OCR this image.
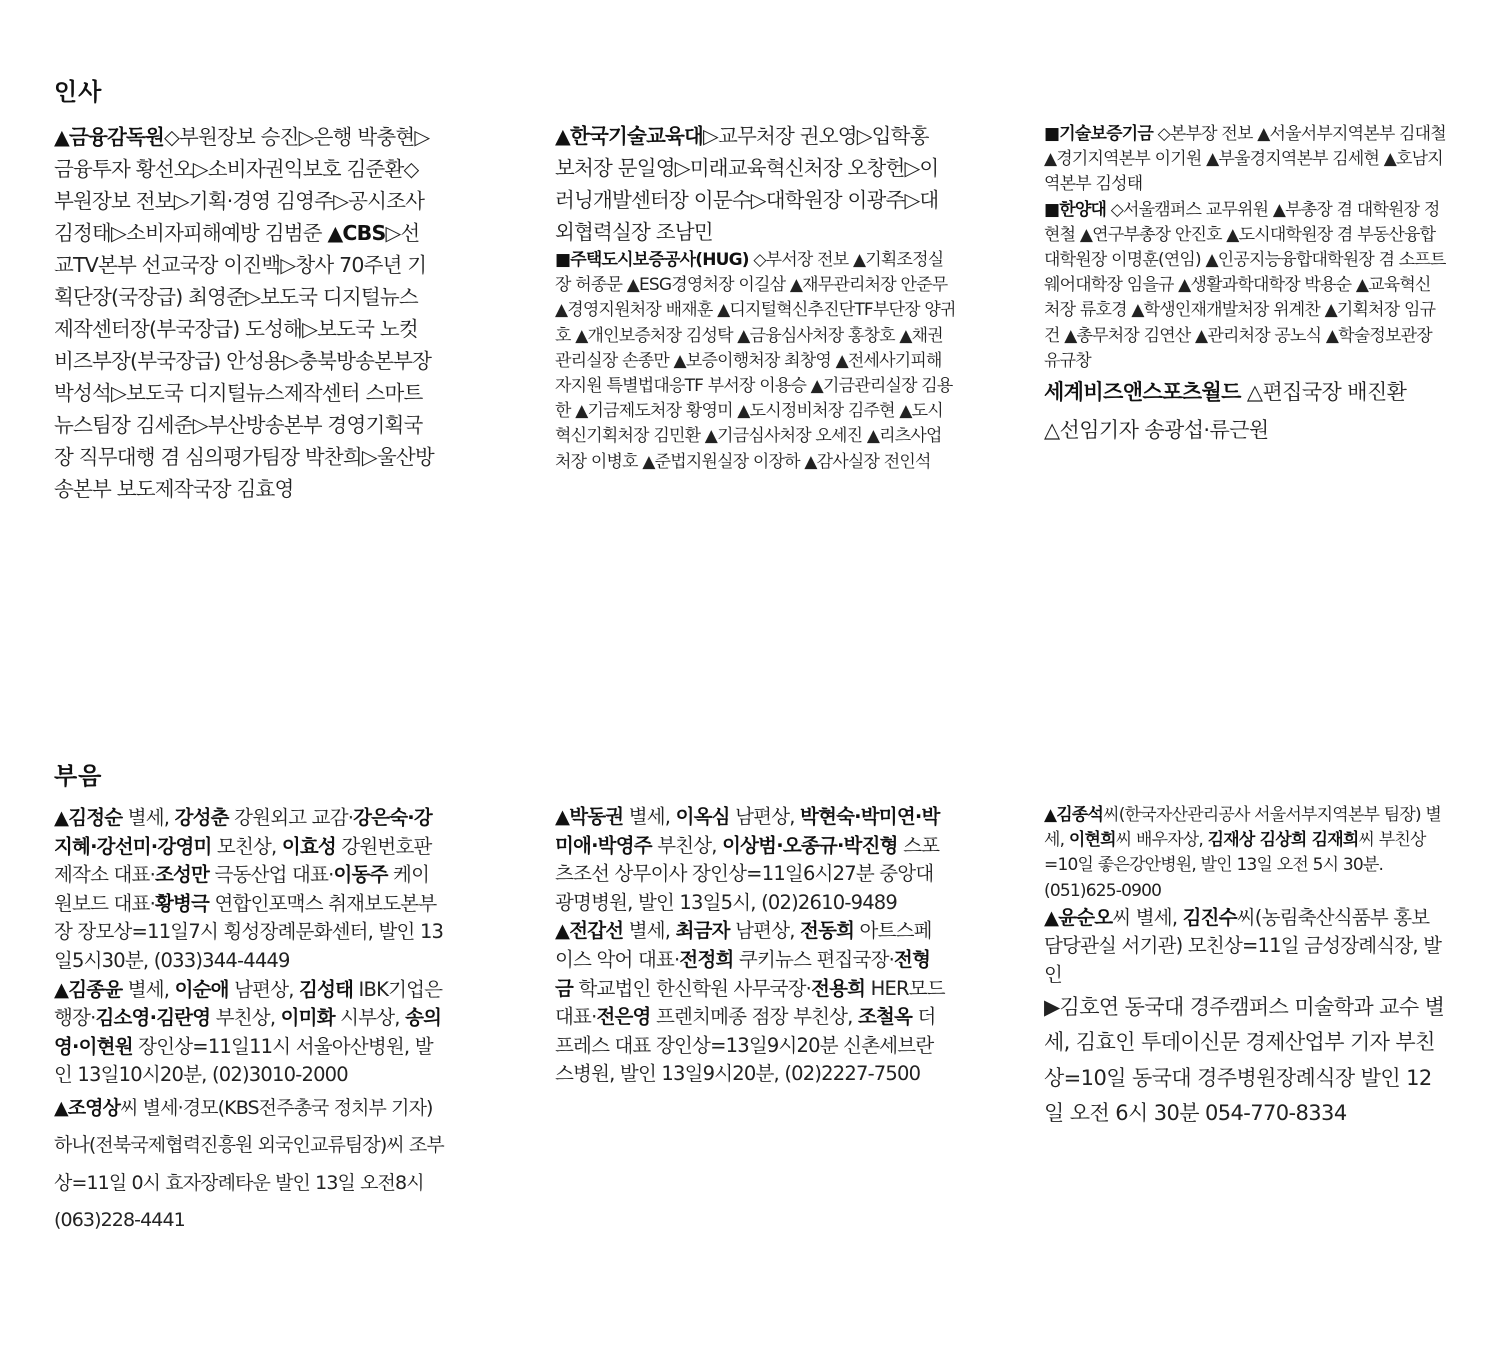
인사
부음

▲금융감독원◇부원장보 승진▷은행 박충현▷금융투자 황선오▷소비자권익보호 김준환◇부원장보 전보▷기획·경영 김영주▷공시조사 김정태▷소비자피해예방 김범준 ▲CBS▷선교TV본부 선교국장 이진백▷창사 70주년 기획단장(국장급) 최영준▷보도국 디지털뉴스제작센터장(부국장급) 도성해▷보도국 노컷비즈부장(부국장급) 안성용▷충북방송본부장 박성석▷보도국 디지털뉴스제작센터 스마트뉴스팀장 김세준▷부산방송본부 경영기획국장 직무대행 겸 심의평가팀장 박찬희▷울산방송본부 보도제작국장 김효영

▲한국기술교육대▷교무처장 권오영▷입학홍보처장 문일영▷미래교육혁신처장 오창헌▷이러닝개발센터장 이문수▷대학원장 이광주▷대외협력실장 조남민

■주택도시보증공사(HUG) ◇부서장 전보 ▲기획조정실장 허종문 ▲ESG경영처장 이길삼 ▲재무관리처장 안준무 ▲경영지원처장 배재훈 ▲디지털혁신추진단TF부단장 양귀호 ▲개인보증처장 김성탁 ▲금융심사처장 홍창호 ▲채권관리실장 손종만 ▲보증이행처장 최창영 ▲전세사기피해자지원 특별법대응TF 부서장 이용승 ▲기금관리실장 김용한 ▲기금제도처장 황영미 ▲도시정비처장 김주현 ▲도시혁신기획처장 김민환 ▲기금심사처장 오세진 ▲리츠사업처장 이병호 ▲준법지원실장 이장하 ▲감사실장 전인석

■기술보증기금 ◇본부장 전보 ▲서울서부지역본부 김대철 ▲경기지역본부 이기원 ▲부울경지역본부 김세현 ▲호남지역본부 김성태

■한양대 ◇서울캠퍼스 교무위원 ▲부총장 겸 대학원장 정현철 ▲연구부총장 안진호 ▲도시대학원장 겸 부동산융합대학원장 이명훈(연임) ▲인공지능융합대학원장 겸 소프트웨어대학장 임을규 ▲생활과학대학장 박용순 ▲교육혁신처장 류호경 ▲학생인재개발처장 위계찬 ▲기획처장 임규건 ▲총무처장 김연산 ▲관리처장 공노식 ▲학술정보관장 유규창

세계비즈앤스포츠월드 △편집국장 배진환 △선임기자 송광섭·류근원

▲김정순 별세, 강성춘 강원외고 교감·강은숙·강지혜·강선미·강영미 모친상, 이효성 강원번호판제작소 대표·조성만 극동산업 대표·이동주 케이원보드 대표·황병극 연합인포맥스 취재보도본부장 장모상=11일7시 횡성장례문화센터, 발인 13일5시30분, (033)344-4449

▲김종윤 별세, 이순애 남편상, 김성태 IBK기업은행장·김소영·김란영 부친상, 이미화 시부상, 송의영·이현원 장인상=11일11시 서울아산병원, 발인 13일10시20분, (02)3010-2000

▲조영상씨 별세·경모(KBS전주총국 정치부 기자) 하나(전북국제협력진흥원 외국인교류팀장)씨 조부상=11일 0시 효자장례타운 발인 13일 오전8시(063)228-4441

▲박동권 별세, 이옥심 남편상, 박현숙·박미연·박미애·박영주 부친상, 이상범·오종규·박진형 스포츠조선 상무이사 장인상=11일6시27분 중앙대광명병원, 발인 13일5시, (02)2610-9489

▲전갑선 별세, 최금자 남편상, 전동희 아트스페이스 악어 대표·전정희 쿠키뉴스 편집국장·전형금 학교법인 한신학원 사무국장·전용희 HER모드 대표·전은영 프렌치메종 점장 부친상, 조철옥 더프레스 대표 장인상=13일9시20분 신촌세브란스병원, 발인 13일9시20분, (02)2227-7500

▲김종석씨(한국자산관리공사 서울서부지역본부 팀장) 별세, 이현희씨 배우자상, 김재상 김상희 김재희씨 부친상=10일 좋은강안병원, 발인 13일 오전 5시 30분. (051)625-0900

▲윤순오씨 별세, 김진수씨(농림축산식품부 홍보담당관실 서기관) 모친상=11일 금성장례식장, 발인

▶김호연 동국대 경주캠퍼스 미술학과 교수 별세, 김효인 투데이신문 경제산업부 기자 부친상=10일 동국대 경주병원장례식장 발인 12일 오전 6시 30분 054-770-8334
